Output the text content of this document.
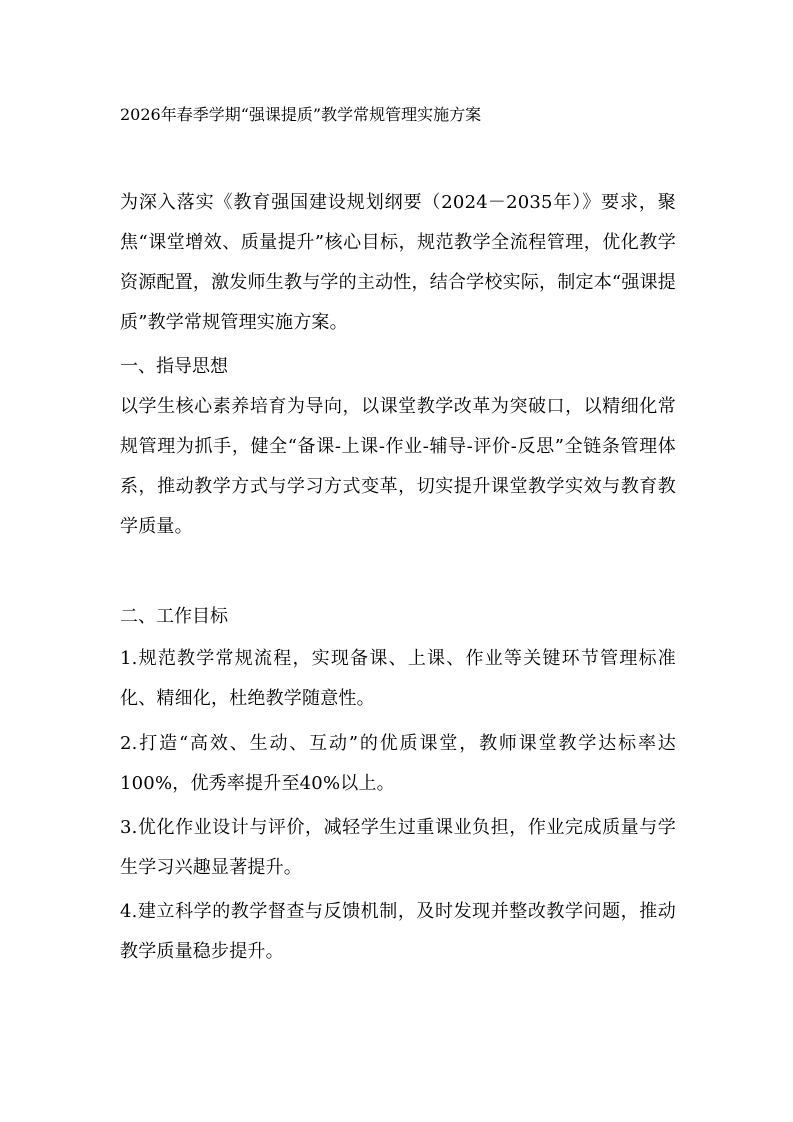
2026年春季学期“强课提质”教学常规管理实施方案
为深入落实《教育强国建设规划纲要（2024－2035年）》要求，聚焦“课堂增效、质量提升”核心目标，规范教学全流程管理，优化教学资源配置，激发师生教与学的主动性，结合学校实际，制定本“强课提质”教学常规管理实施方案。
一、指导思想
以学生核心素养培育为导向，以课堂教学改革为突破口，以精细化常规管理为抓手，健全“备课-上课-作业-辅导-评价-反思”全链条管理体系，推动教学方式与学习方式变革，切实提升课堂教学实效与教育教学质量。
二、工作目标
1.规范教学常规流程，实现备课、上课、作业等关键环节管理标准化、精细化，杜绝教学随意性。
2.打造“高效、生动、互动”的优质课堂，教师课堂教学达标率达100%，优秀率提升至40%以上。
3.优化作业设计与评价，减轻学生过重课业负担，作业完成质量与学生学习兴趣显著提升。
4.建立科学的教学督查与反馈机制，及时发现并整改教学问题，推动教学质量稳步提升。
